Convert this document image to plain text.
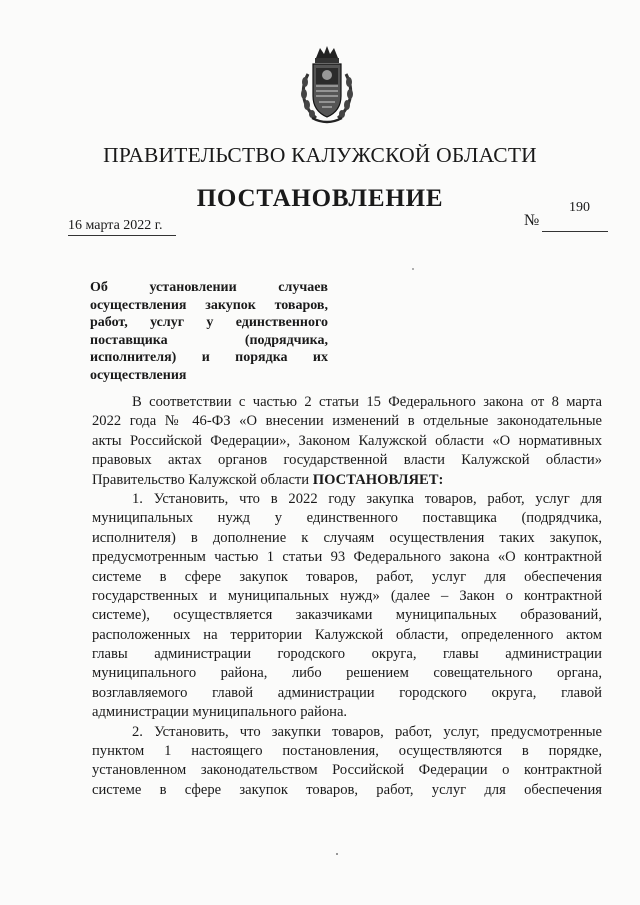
ПРАВИТЕЛЬСТВО КАЛУЖСКОЙ ОБЛАСТИ
ПОСТАНОВЛЕНИЕ
16 марта 2022 г.
190
№
Об установлении случаев
осуществления закупок товаров,
работ, услуг у единственного
поставщика (подрядчика,
исполнителя) и порядка их
осуществления
В соответствии с частью 2 статьи 15 Федерального закона от 8 марта
2022 года № 46-ФЗ «О внесении изменений в отдельные законодательные
акты Российской Федерации», Законом Калужской области «О нормативных
правовых актах органов государственной власти Калужской области»
Правительство Калужской области ПОСТАНОВЛЯЕТ:
1. Установить, что в 2022 году закупка товаров, работ, услуг для
муниципальных нужд у единственного поставщика (подрядчика,
исполнителя) в дополнение к случаям осуществления таких закупок,
предусмотренным частью 1 статьи 93 Федерального закона «О контрактной
системе в сфере закупок товаров, работ, услуг для обеспечения
государственных и муниципальных нужд» (далее – Закон о контрактной
системе), осуществляется заказчиками муниципальных образований,
расположенных на территории Калужской области, определенного актом
главы администрации городского округа, главы администрации
муниципального района, либо решением совещательного органа,
возглавляемого главой администрации городского округа, главой
администрации муниципального района.
2. Установить, что закупки товаров, работ, услуг, предусмотренные
пунктом 1 настоящего постановления, осуществляются в порядке,
установленном законодательством Российской Федерации о контрактной
системе в сфере закупок товаров, работ, услуг для обеспечения
